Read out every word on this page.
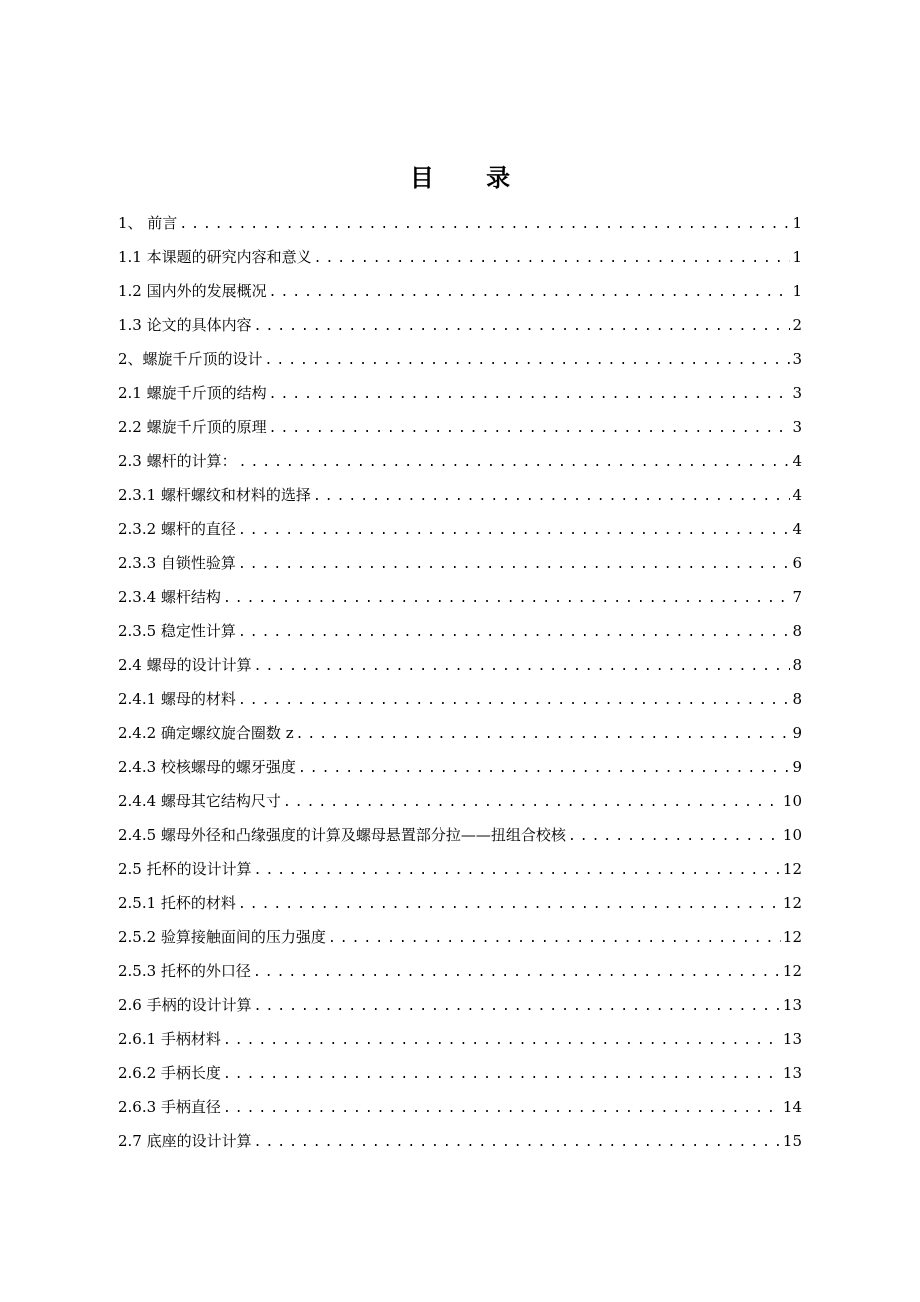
目 录
1、 前言 .....	1
1.1 本课题的研究内容和意义 .....	1
1.2 国内外的发展概况 .....	1
1.3 论文的具体内容 .....	2
2、螺旋千斤顶的设计 .....	3
2.1 螺旋千斤顶的结构 .....	3
2.2 螺旋千斤顶的原理 .....	3
2.3 螺杆的计算： .....	4
2.3.1 螺杆螺纹和材料的选择 .....	4
2.3.2 螺杆的直径 .....	4
2.3.3 自锁性验算 .....	6
2.3.4 螺杆结构 .....	7
2.3.5 稳定性计算 .....	8
2.4 螺母的设计计算 .....	8
2.4.1 螺母的材料 .....	8
2.4.2 确定螺纹旋合圈数 z .....	9
2.4.3 校核螺母的螺牙强度 .....	9
2.4.4 螺母其它结构尺寸 .....	10
2.4.5 螺母外径和凸缘强度的计算及螺母悬置部分拉——扭组合校核 .....	10
2.5 托杯的设计计算 .....	12
2.5.1 托杯的材料 .....	12
2.5.2 验算接触面间的压力强度 .....	12
2.5.3 托杯的外口径 .....	12
2.6 手柄的设计计算 .....	13
2.6.1 手柄材料 .....	13
2.6.2 手柄长度 .....	13
2.6.3 手柄直径 .....	14
2.7 底座的设计计算 .....	15
